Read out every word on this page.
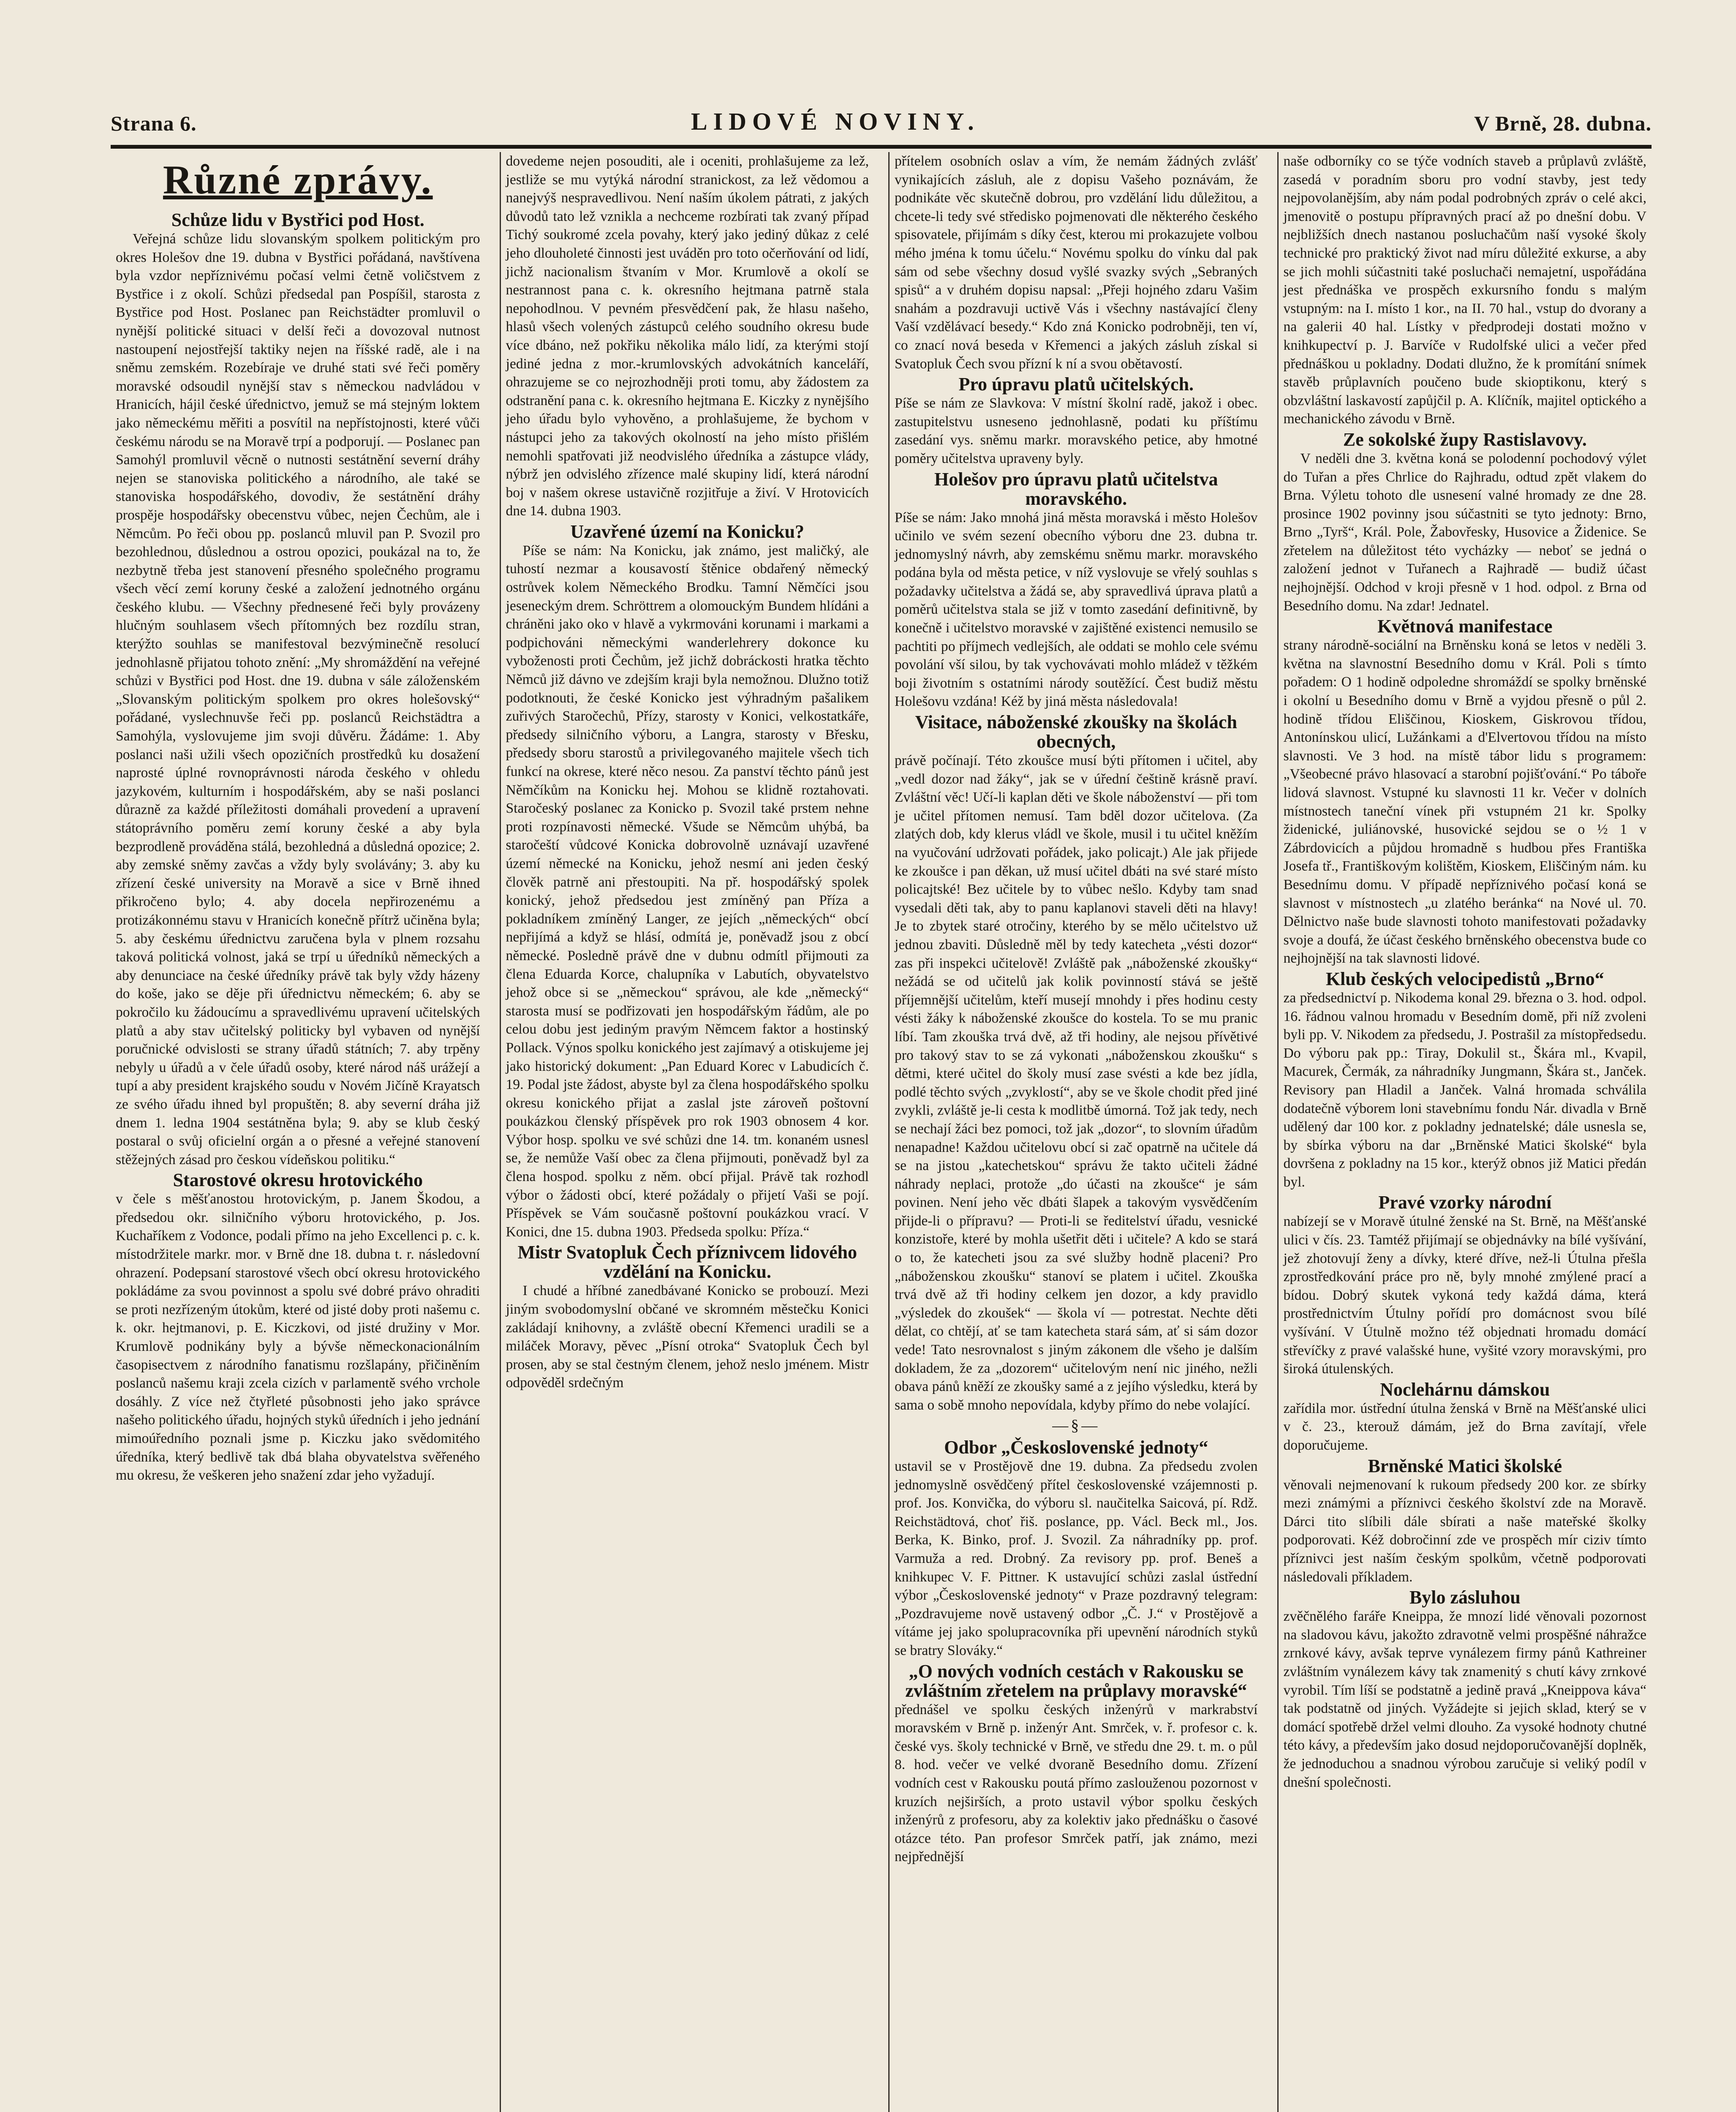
Strana 6.	LIDOVÉ NOVINY.	V Brně, 28. dubna.
Různé zprávy.
Schůze lidu v Bystřici pod Host.

Veřejná schůze lidu slovanským spolkem politickým pro okres Holešov dne 19. dubna v Bystřici pořádaná, navštívena byla vzdor nepříznivému počasí velmi četně voličstvem z Bystřice i z okolí. Schůzi předsedal pan Pospíšil, starosta z Bystřice pod Host. Poslanec pan Reichstädter promluvil o nynější politické situaci v delší řeči a dovozoval nutnost nastoupení nejostřejší taktiky nejen na říšské radě, ale i na sněmu zemském. Rozebíraje ve druhé stati své řeči poměry moravské odsoudil nynější stav s německou nadvládou v Hranicích, hájil české úřednictvo, jemuž se má stejným loktem jako německému měřiti a posvítil na nepřístojnosti, které vůči českému národu se na Moravě trpí a podporují. — Poslanec pan Samohýl promluvil věcně o nutnosti sestátnění severní dráhy nejen se stanoviska politického a národního, ale také se stanoviska hospodářského, dovodiv, že sestátnění dráhy prospěje hospodářsky obecenstvu vůbec, nejen Čechům, ale i Němcům. Po řeči obou pp. poslanců mluvil pan P. Svozil pro bezohlednou, důslednou a ostrou opozici, poukázal na to, že nezbytně třeba jest stanovení přesného společného programu všech věcí zemí koruny české a založení jednotného orgánu českého klubu. — Všechny přednesené řeči byly provázeny hlučným souhlasem všech přítomných bez rozdílu stran, kterýžto souhlas se manifestoval bezvýminečně resolucí jednohlasně přijatou tohoto znění: „My shromáždění na veřejné schůzi v Bystřici pod Host. dne 19. dubna v sále záloženském „Slovanským politickým spolkem pro okres holešovský“ pořádané, vyslechnuvše řeči pp. poslanců Reichstädtra a Samohýla, vyslovujeme jim svoji důvěru. Žádáme: 1. Aby poslanci naši užili všech opozičních prostředků ku dosažení naprosté úplné rovnoprávnosti národa českého v ohledu jazykovém, kulturním i hospodářském, aby se naši poslanci důrazně za každé příležitosti domáhali provedení a upravení státoprávního poměru zemí koruny české a aby byla bezprodleně prováděna stálá, bezohledná a důsledná opozice; 2. aby zemské sněmy zavčas a vždy byly svolávány; 3. aby ku zřízení české university na Moravě a sice v Brně ihned přikročeno bylo; 4. aby docela nepřirozenému a protizákonnému stavu v Hranicích konečně přítrž učiněna byla; 5. aby českému úřednictvu zaručena byla v plnem rozsahu taková politická volnost, jaká se trpí u úředníků německých a aby denunciace na české úředníky právě tak byly vždy házeny do koše, jako se děje při úřednictvu německém; 6. aby se pokročilo ku žádoucímu a spravedlivému upravení učitelských platů a aby stav učitelský politicky byl vybaven od nynější poručnické odvislosti se strany úřadů státních; 7. aby trpěny nebyly u úřadů a v čele úřadů osoby, které národ náš urážejí a tupí a aby president krajského soudu v Novém Jičíně Krayatsch ze svého úřadu ihned byl propuštěn; 8. aby severní dráha již dnem 1. ledna 1904 sestátněna byla; 9. aby se klub český postaral o svůj oficielní orgán a o přesné a veřejné stanovení stěžejných zásad pro českou vídeňskou politiku.“

Starostové okresu hrotovického

v čele s měšťanostou hrotovickým, p. Janem Škodou, a předsedou okr. silničního výboru hrotovického, p. Jos. Kuchaříkem z Vodonce, podali přímo na jeho Excellenci p. c. k. místodržitele markr. mor. v Brně dne 18. dubna t. r. následovní ohrazení. Podepsaní starostové všech obcí okresu hrotovického pokládáme za svou povinnost a spolu své dobré právo ohraditi se proti nezřízeným útokům, které od jisté doby proti našemu c. k. okr. hejtmanovi, p. E. Kiczkovi, od jisté družiny v Mor. Krumlově podnikány byly a bývše německonacionálním časopisectvem z národního fanatismu rozšlapány, přičiněním poslanců našemu kraji zcela cizích v parlamentě svého vrchole dosáhly. Z více než čtyřleté působnosti jeho jako správce našeho politického úřadu, hojných styků úředních i jeho jednání mimoúředního poznali jsme p. Kiczku jako svědomitého úředníka, který bedlivě tak dbá blaha obyvatelstva svěřeného mu okresu, že veškeren jeho snažení zdar jeho vyžadují.

dovedeme nejen posouditi, ale i oceniti, prohlašujeme za lež, jestliže se mu vytýká národní stranickost, za lež vědomou a nanejvýš nespravedlivou. Není naším úkolem pátrati, z jakých důvodů tato lež vznikla a nechceme rozbírati tak zvaný případ Tichý soukromé zcela povahy, který jako jediný důkaz z celé jeho dlouholeté činnosti jest uváděn pro toto očerňování od lidí, jichž nacionalism štvaním v Mor. Krumlově a okolí se nestrannost pana c. k. okresního hejtmana patrně stala nepohodlnou. V pevném přesvědčení pak, že hlasu našeho, hlasů všech volených zástupců celého soudního okresu bude více dbáno, než pokřiku několika málo lidí, za kterými stojí jediné jedna z mor.-krumlovských advokátních kanceláří, ohrazujeme se co nejrozhodněji proti tomu, aby žádostem za odstranění pana c. k. okresního hejtmana E. Kiczky z nynějšího jeho úřadu bylo vyhověno, a prohlašujeme, že bychom v nástupci jeho za takových okolností na jeho místo přišlém nemohli spatřovati již neodvislého úředníka a zástupce vlády, nýbrž jen odvislého zřízence malé skupiny lidí, která národní boj v našem okrese ustavičně rozjitřuje a živí. V Hrotovicích dne 14. dubna 1903.

Uzavřené území na Konicku?

Píše se nám: Na Konicku, jak známo, jest maličký, ale tuhostí nezmar a kousavostí štěnice obdařený německý ostrůvek kolem Německého Brodku. Tamní Němčíci jsou jeseneckým drem. Schröttrem a olomouckým Bundem hlídáni a chráněni jako oko v hlavě a vykrmováni korunami i markami a podpichováni německými wanderlehrery dokonce ku vyboženosti proti Čechům, jež jichž dobráckosti hratka těchto Němců již dávno ve zdejším kraji byla nemožnou. Dlužno totiž podotknouti, že české Konicko jest výhradným pašalikem zuřivých Staročechů, Přízy, starosty v Konici, velkostatkáře, předsedy silničního výboru, a Langra, starosty v Břesku, předsedy sboru starostů a privilegovaného majitele všech tich funkcí na okrese, které něco nesou. Za panství těchto pánů jest Němčíkům na Konicku hej. Mohou se klidně roztahovati. Staročeský poslanec za Konicko p. Svozil také prstem nehne proti rozpínavosti německé. Všude se Němcům uhýbá, ba staročeští vůdcové Konicka dobrovolně uznávají uzavřené území německé na Konicku, jehož nesmí ani jeden český člověk patrně ani přestoupiti. Na př. hospodářský spolek konický, jehož předsedou jest zmíněný pan Příza a pokladníkem zmíněný Langer, ze jejích „německých“ obcí nepřijímá a když se hlásí, odmítá je, poněvadž jsou z obcí německé. Posledně právě dne v dubnu odmítl přijmouti za člena Eduarda Korce, chalupníka v Labutích, obyvatelstvo jehož obce si se „německou“ správou, ale kde „německý“ starosta musí se podřizovati jen hospodářským řádům, ale po celou dobu jest jediným pravým Němcem faktor a hostinský Pollack. Výnos spolku konického jest zajímavý a otiskujeme jej jako historický dokument: „Pan Eduard Korec v Labudicích č. 19. Podal jste žádost, abyste byl za člena hospodářského spolku okresu konického přijat a zaslal jste zároveň poštovní poukázkou členský příspěvek pro rok 1903 obnosem 4 kor. Výbor hosp. spolku ve své schůzi dne 14. tm. konaném usnesl se, že nemůže Vaší obec za člena přijmouti, poněvadž byl za člena hospod. spolku z něm. obcí přijal. Právě tak rozhodl výbor o žádosti obcí, které požádaly o přijetí Vaši se pojí. Příspěvek se Vám současně poštovní poukázkou vrací. V Konici, dne 15. dubna 1903. Předseda spolku: Příza.“

Mistr Svatopluk Čech příznivcem lidového vzdělání na Konicku.

I chudé a hříbné zanedbávané Konicko se probouzí. Mezi jiným svobodomyslní občané ve skromném městečku Konici zakládají knihovny, a zvláště obecní Křemenci uradili se a miláček Moravy, pěvec „Písní otroka“ Svatopluk Čech byl prosen, aby se stal čestným členem, jehož neslo jménem. Mistr odpověděl srdečným

přítelem osobních oslav a vím, že nemám žádných zvlášť vynikajících zásluh, ale z dopisu Vašeho poznávám, že podnikáte věc skutečně dobrou, pro vzdělání lidu důležitou, a chcete-li tedy své středisko pojmenovati dle některého českého spisovatele, přijímám s díky čest, kterou mi prokazujete volbou mého jména k tomu účelu.“ Novému spolku do vínku dal pak sám od sebe všechny dosud vyšlé svazky svých „Sebraných spisů“ a v druhém dopisu napsal: „Přeji hojného zdaru Vašim snahám a pozdravuji uctivě Vás i všechny nastávající členy Vaší vzdělávací besedy.“ Kdo zná Konicko podrobněji, ten ví, co znací nová beseda v Křemenci a jakých zásluh získal si Svatopluk Čech svou přízní k ní a svou obětavostí.

Pro úpravu platů učitelských.

Píše se nám ze Slavkova: V místní školní radě, jakož i obec. zastupitelstvu usneseno jednohlasně, podati ku příštímu zasedání vys. sněmu markr. moravského petice, aby hmotné poměry učitelstva upraveny byly.

Holešov pro úpravu platů učitelstva moravského.

Píše se nám: Jako mnohá jiná města moravská i město Holešov učinilo ve svém sezení obecního výboru dne 23. dubna tr. jednomyslný návrh, aby zemskému sněmu markr. moravského podána byla od města petice, v níž vyslovuje se vřelý souhlas s požadavky učitelstva a žádá se, aby spravedlivá úprava platů a poměrů učitelstva stala se již v tomto zasedání definitivně, by konečně i učitelstvo moravské v zajištěné existenci nemusilo se pachtiti po příjmech vedlejších, ale oddati se mohlo cele svému povolání vší silou, by tak vychovávati mohlo mládež v těžkém boji životním s ostatními národy soutěžící. Čest budiž městu Holešovu vzdána! Kéž by jiná města následovala!

Visitace, náboženské zkoušky na školách obecných,

právě počínají. Této zkoušce musí býti přítomen i učitel, aby „vedl dozor nad žáky“, jak se v úřední češtině krásně praví. Zvláštní věc! Učí-li kaplan děti ve škole náboženství — při tom je učitel přítomen nemusí. Tam bděl dozor učitelova. (Za zlatých dob, kdy klerus vládl ve škole, musil i tu učitel kněžím na vyučování udržovati pořádek, jako policajt.) Ale jak přijede ke zkoušce i pan děkan, už musí učitel dbáti na své staré místo policajtské! Bez učitele by to vůbec nešlo. Kdyby tam snad vysedali děti tak, aby to panu kaplanovi staveli děti na hlavy! Je to zbytek staré otročiny, kterého by se mělo učitelstvo už jednou zbaviti. Důsledně měl by tedy katecheta „vésti dozor“ zas při inspekci učitelově! Zvláště pak „náboženské zkoušky“ nežádá se od učitelů jak kolik povinností stává se ještě příjemnější učitelům, kteří musejí mnohdy i přes hodinu cesty vésti žáky k náboženské zkoušce do kostela. To se mu pranic líbí. Tam zkouška trvá dvě, až tři hodiny, ale nejsou přívětivé pro takový stav to se zá vykonati „náboženskou zkoušku“ s dětmi, které učitel do školy musí zase svésti a kde bez jídla, podlé těchto svých „zvyklostí“, aby se ve škole chodit před jiné zvykli, zvláště je-li cesta k modlitbě úmorná. Tož jak tedy, nech se nechají žáci bez pomoci, tož jak „dozor“, to slovním úřadům nenapadne! Každou učitelovu obcí si zač opatrně na učitele dá se na jistou „katechetskou“ správu že takto učiteli žádné náhrady neplaci, protože „do účasti na zkoušce“ je sám povinen. Není jeho věc dbáti šlapek a takovým vysvědčením přijde-li o přípravu? — Proti-li se ředitelství úřadu, vesnické konzistoře, které by mohla ušetřit děti i učitele? A kdo se stará o to, že katecheti jsou za své služby hodně placeni? Pro „náboženskou zkoušku“ stanoví se platem i učitel. Zkouška trvá dvě až tři hodiny celkem jen dozor, a kdy pravidlo „výsledek do zkoušek“ — škola ví — potrestat. Nechte děti dělat, co chtějí, ať se tam katecheta stará sám, ať si sám dozor vede! Tato nesrovnalost s jiným zákonem dle všeho je dalším dokladem, že za „dozorem“ učitelovým není nic jiného, nežli obava pánů kněží ze zkoušky samé a z jejího výsledku, která by sama o sobě mnoho nepovídala, kdyby přímo do nebe volající.

—§—
Odbor „Československé jednoty“

ustavil se v Prostějově dne 19. dubna. Za předsedu zvolen jednomyslně osvědčený přítel československé vzájemnosti p. prof. Jos. Konvička, do výboru sl. naučitelka Saicová, pí. Rdž. Reichstädtová, choť řiš. poslance, pp. Václ. Beck ml., Jos. Berka, K. Binko, prof. J. Svozil. Za náhradníky pp. prof. Varmuža a red. Drobný. Za revisory pp. prof. Beneš a knihkupec V. F. Pittner. K ustavující schůzi zaslal ústřední výbor „Československé jednoty“ v Praze pozdravný telegram: „Pozdravujeme nově ustavený odbor „Č. J.“ v Prostějově a vítáme jej jako spolupracovníka při upevnění národních styků se bratry Slováky.“

„O nových vodních cestách v Rakousku se zvláštním zřetelem na průplavy moravské“

přednášel ve spolku českých inženýrů v markrabství moravském v Brně p. inženýr Ant. Smrček, v. ř. profesor c. k. české vys. školy technické v Brně, ve středu dne 29. t. m. o půl 8. hod. večer ve velké dvoraně Besedního domu. Zřízení vodních cest v Rakousku poutá přímo zaslouženou pozornost v kruzích nejširších, a proto ustavil výbor spolku českých inženýrů z profesoru, aby za kolektiv jako přednášku o časové otázce této. Pan profesor Smrček patří, jak známo, mezi nejpřednější

naše odborníky co se týče vodních staveb a průplavů zvláště, zasedá v poradním sboru pro vodní stavby, jest tedy nejpovolanějším, aby nám podal podrobných zpráv o celé akci, jmenovitě o postupu přípravných prací až po dnešní dobu. V nejbližších dnech nastanou posluchačům naší vysoké školy technické pro praktický život nad míru důležité exkurse, a aby se jich mohli súčastniti také posluchači nemajetní, uspořádána jest přednáška ve prospěch exkursního fondu s malým vstupným: na I. místo 1 kor., na II. 70 hal., vstup do dvorany a na galerii 40 hal. Lístky v předprodeji dostati možno v knihkupectví p. J. Barvíče v Rudolfské ulici a večer před přednáškou u pokladny. Dodati dlužno, že k promítání snímek stavěb průplavních poučeno bude skioptikonu, který s obzvláštní laskavostí zapůjčil p. A. Klíčník, majitel optického a mechanického závodu v Brně.

Ze sokolské župy Rastislavovy.

V neděli dne 3. května koná se polodenní pochodový výlet do Tuřan a přes Chrlice do Rajhradu, odtud zpět vlakem do Brna. Výletu tohoto dle usnesení valné hromady ze dne 28. prosince 1902 povinny jsou súčastniti se tyto jednoty: Brno, Brno „Tyrš“, Král. Pole, Žabovřesky, Husovice a Židenice. Se zřetelem na důležitost této vycházky — neboť se jedná o založení jednot v Tuřanech a Rajhradě — budiž účast nejhojnější. Odchod v kroji přesně v 1 hod. odpol. z Brna od Besedního domu. Na zdar! Jednatel.

Květnová manifestace

strany národně-sociální na Brněnsku koná se letos v neděli 3. května na slavnostní Besedního domu v Král. Poli s tímto pořadem: O 1 hodině odpoledne shromáždí se spolky brněnské i okolní u Besedního domu v Brně a vyjdou přesně o půl 2. hodině třídou Eliščinou, Kioskem, Giskrovou třídou, Antonínskou ulicí, Lužánkami a d'Elvertovou třídou na místo slavnosti. Ve 3 hod. na místě tábor lidu s programem: „Všeobecné právo hlasovací a starobní pojišťování.“ Po táboře lidová slavnost. Vstupné ku slavnosti 11 kr. Večer v dolních místnostech taneční vínek při vstupném 21 kr. Spolky židenické, juliánovské, husovické sejdou se o ½ 1 v Zábrdovicích a půjdou hromadně s hudbou přes Františka Josefa tř., Františkovým kolištěm, Kioskem, Eliščiným nám. ku Besednímu domu. V případě nepříznivého počasí koná se slavnost v místnostech „u zlatého beránka“ na Nové ul. 70. Dělnictvo naše bude slavnosti tohoto manifestovati požadavky svoje a doufá, že účast českého brněnského obecenstva bude co nejhojnější na tak slavnosti lidové.

Klub českých velocipedistů „Brno“

za předsednictví p. Nikodema konal 29. března o 3. hod. odpol. 16. řádnou valnou hromadu v Besedním domě, při níž zvoleni byli pp. V. Nikodem za předsedu, J. Postrašil za místopředsedu. Do výboru pak pp.: Tiray, Dokulil st., Škára ml., Kvapil, Macurek, Čermák, za náhradníky Jungmann, Škára st., Janček. Revisory pan Hladil a Janček. Valná hromada schválila dodatečně výborem loni stavebnímu fondu Nár. divadla v Brně udělený dar 100 kor. z pokladny jednatelské; dále usnesla se, by sbírka výboru na dar „Brněnské Matici školské“ byla dovršena z pokladny na 15 kor., kterýž obnos již Matici předán byl.

Pravé vzorky národní

nabízejí se v Moravě útulné ženské na St. Brně, na Měšťanské ulici v čís. 23. Tamtéž přijímají se objednávky na bílé vyšívání, jež zhotovují ženy a dívky, které dříve, než-li Útulna přešla zprostředkování práce pro ně, byly mnohé zmýlené prací a bídou. Dobrý skutek vykoná tedy každá dáma, která prostřednictvím Útulny pořídí pro domácnost svou bílé vyšívání. V Útulně možno též objednati hromadu domácí střevíčky z pravé valašské hune, vyšité vzory moravskými, pro široká útulenských.

Noclehárnu dámskou

zařídila mor. ústřední útulna ženská v Brně na Měšťanské ulici v č. 23., kterouž dámám, jež do Brna zavítají, vřele doporučujeme.

Brněnské Matici školské

věnovali nejmenovaní k rukoum předsedy 200 kor. ze sbírky mezi známými a příznivci českého školství zde na Moravě. Dárci tito slíbili dále sbírati a naše mateřské školky podporovati. Kéž dobročinní zde ve prospěch mír ciziv tímto příznivci jest naším českým spolkům, včetně podporovati následovali příkladem.

Bylo zásluhou

zvěčnělého faráře Kneippa, že mnozí lidé věnovali pozornost na sladovou kávu, jakožto zdravotně velmi prospěšné náhražce zrnkové kávy, avšak teprve vynálezem firmy pánů Kathreiner zvláštním vynálezem kávy tak znamenitý s chutí kávy zrnkové vyrobil. Tím líší se podstatně a jedině pravá „Kneippova káva“ tak podstatně od jiných. Vyžádejte si jejich sklad, který se v domácí spotřebě držel velmi dlouho. Za vysoké hodnoty chutné této kávy, a především jako dosud nejdoporučovanější doplněk, že jednoduchou a snadnou výrobou zaručuje si veliký podíl v dnešní společnosti.
